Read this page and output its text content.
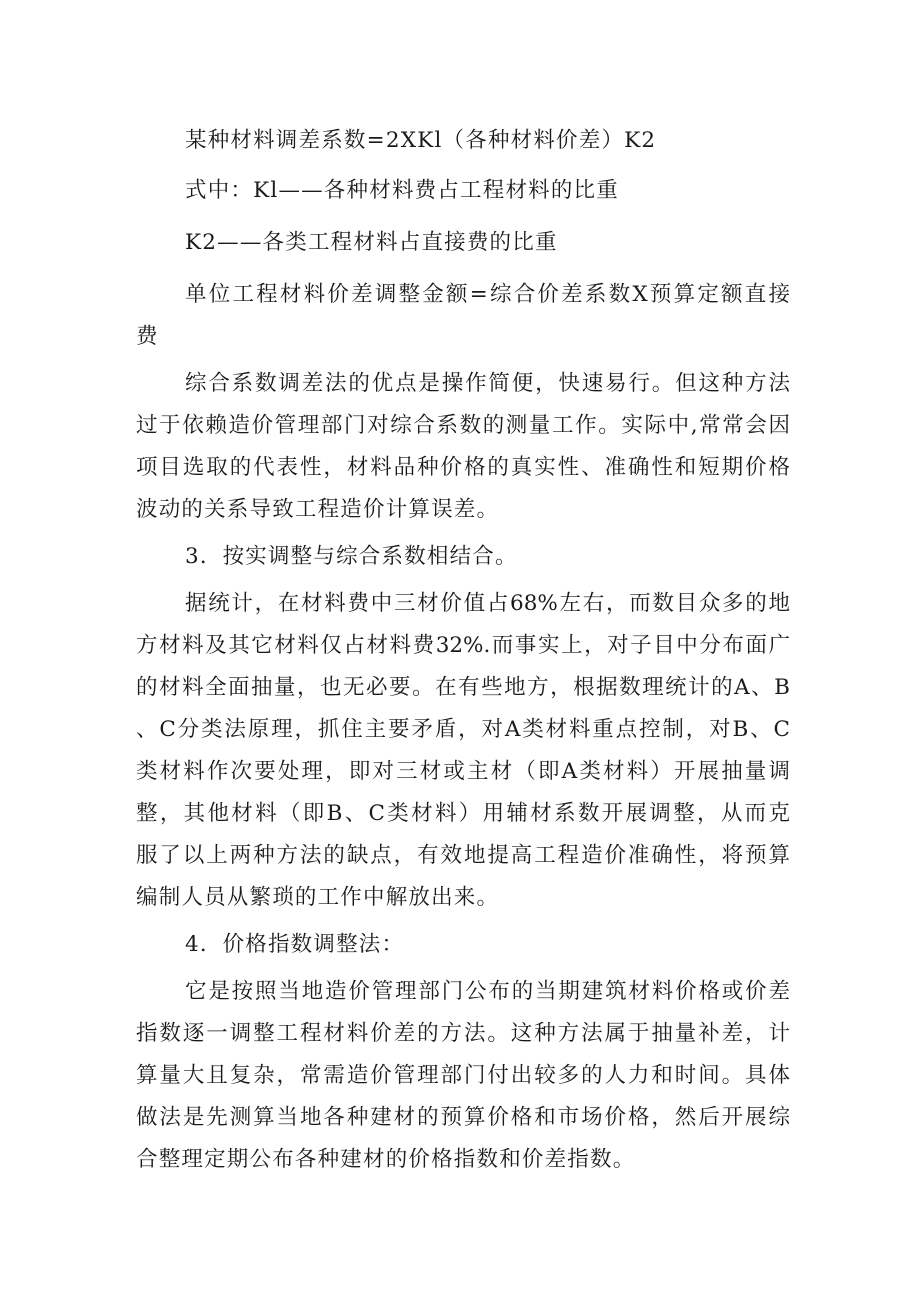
某种材料调差系数=2XKl（各种材料价差）K2
式中：Kl——各种材料费占工程材料的比重
K2——各类工程材料占直接费的比重
单位工程材料价差调整金额=综合价差系数X预算定额直接
费
综合系数调差法的优点是操作简便，快速易行。但这种方法
过于依赖造价管理部门对综合系数的测量工作。实际中,常常会因
项目选取的代表性，材料品种价格的真实性、准确性和短期价格
波动的关系导致工程造价计算误差。
3．按实调整与综合系数相结合。
据统计，在材料费中三材价值占68%左右，而数目众多的地
方材料及其它材料仅占材料费32%.而事实上，对子目中分布面广
的材料全面抽量，也无必要。在有些地方，根据数理统计的A、B
、C分类法原理，抓住主要矛盾，对A类材料重点控制，对B、C
类材料作次要处理，即对三材或主材（即A类材料）开展抽量调
整，其他材料（即B、C类材料）用辅材系数开展调整，从而克
服了以上两种方法的缺点，有效地提高工程造价准确性，将预算
编制人员从繁琐的工作中解放出来。
4．价格指数调整法：
它是按照当地造价管理部门公布的当期建筑材料价格或价差
指数逐一调整工程材料价差的方法。这种方法属于抽量补差，计
算量大且复杂，常需造价管理部门付出较多的人力和时间。具体
做法是先测算当地各种建材的预算价格和市场价格，然后开展综
合整理定期公布各种建材的价格指数和价差指数。
